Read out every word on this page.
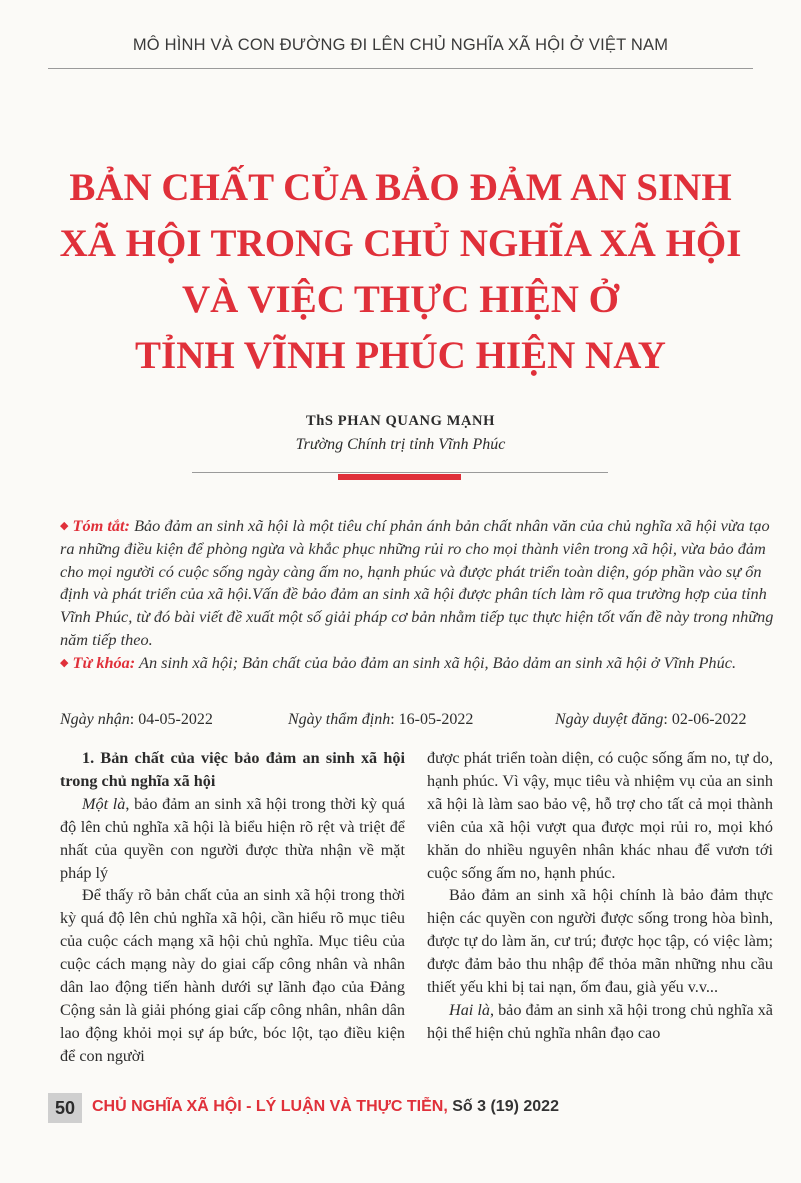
MÔ HÌNH VÀ CON ĐƯỜNG ĐI LÊN CHỦ NGHĨA XÃ HỘI Ở VIỆT NAM
BẢN CHẤT CỦA BẢO ĐẢM AN SINH
XÃ HỘI TRONG CHỦ NGHĨA XÃ HỘI
VÀ VIỆC THỰC HIỆN Ở
TỈNH VĨNH PHÚC HIỆN NAY
ThS PHAN QUANG MẠNH
Trường Chính trị tỉnh Vĩnh Phúc

◆ Tóm tắt: Bảo đảm an sinh xã hội là một tiêu chí phản ánh bản chất nhân văn của chủ nghĩa xã hội vừa tạo ra những điều kiện để phòng ngừa và khắc phục những rủi ro cho mọi thành viên trong xã hội, vừa bảo đảm cho mọi người có cuộc sống ngày càng ấm no, hạnh phúc và được phát triển toàn diện, góp phần vào sự ổn định và phát triển của xã hội.Vấn đề bảo đảm an sinh xã hội được phân tích làm rõ qua trường hợp của tỉnh Vĩnh Phúc, từ đó bài viết đề xuất một số giải pháp cơ bản nhằm tiếp tục thực hiện tốt vấn đề này trong những năm tiếp theo.

◆ Từ khóa: An sinh xã hội; Bản chất của bảo đảm an sinh xã hội, Bảo dảm an sinh xã hội ở Vĩnh Phúc.

Ngày nhận: 04-05-2022	Ngày thẩm định: 16-05-2022	Ngày duyệt đăng: 02-06-2022

1. Bản chất của việc bảo đảm an sinh xã hội trong chủ nghĩa xã hội

Một là, bảo đảm an sinh xã hội trong thời kỳ quá độ lên chủ nghĩa xã hội là biểu hiện rõ rệt và triệt để nhất của quyền con người được thừa nhận về mặt pháp lý

Để thấy rõ bản chất của an sinh xã hội trong thời kỳ quá độ lên chủ nghĩa xã hội, cần hiểu rõ mục tiêu của cuộc cách mạng xã hội chủ nghĩa. Mục tiêu của cuộc cách mạng này do giai cấp công nhân và nhân dân lao động tiến hành dưới sự lãnh đạo của Đảng Cộng sản là giải phóng giai cấp công nhân, nhân dân lao động khỏi mọi sự áp bức, bóc lột, tạo điều kiện để con người

được phát triển toàn diện, có cuộc sống ấm no, tự do, hạnh phúc. Vì vậy, mục tiêu và nhiệm vụ của an sinh xã hội là làm sao bảo vệ, hỗ trợ cho tất cả mọi thành viên của xã hội vượt qua được mọi rủi ro, mọi khó khăn do nhiều nguyên nhân khác nhau để vươn tới cuộc sống ấm no, hạnh phúc.

Bảo đảm an sinh xã hội chính là bảo đảm thực hiện các quyền con người được sống trong hòa bình, được tự do làm ăn, cư trú; được học tập, có việc làm; được đảm bảo thu nhập để thỏa mãn những nhu cầu thiết yếu khi bị tai nạn, ốm đau, già yếu v.v...

Hai là, bảo đảm an sinh xã hội trong chủ nghĩa xã hội thể hiện chủ nghĩa nhân đạo cao

50	CHỦ NGHĨA XÃ HỘI - LÝ LUẬN VÀ THỰC TIỄN, Số 3 (19) 2022
